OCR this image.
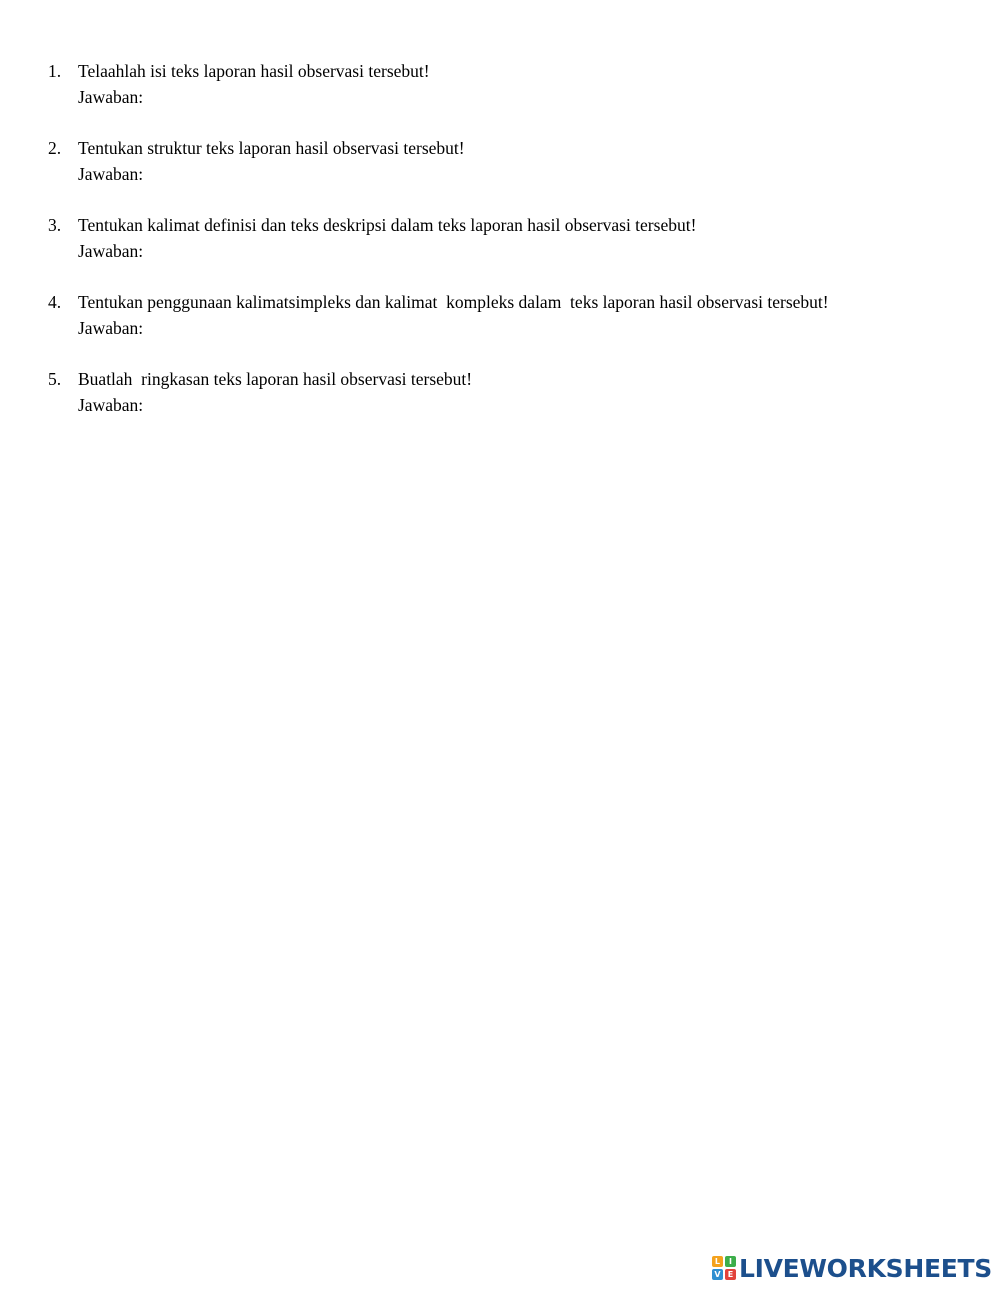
1. Telaahlah isi teks laporan hasil observasi tersebut!
Jawaban:
2. Tentukan struktur teks laporan hasil observasi tersebut!
Jawaban:
3. Tentukan kalimat definisi dan teks deskripsi dalam teks laporan hasil observasi tersebut!
Jawaban:
4. Tentukan penggunaan kalimatsimpleks dan kalimat  kompleks dalam  teks laporan hasil observasi tersebut!
Jawaban:
5. Buatlah  ringkasan teks laporan hasil observasi tersebut!
Jawaban:
L	I
V E LIVEWORKSHEETS
